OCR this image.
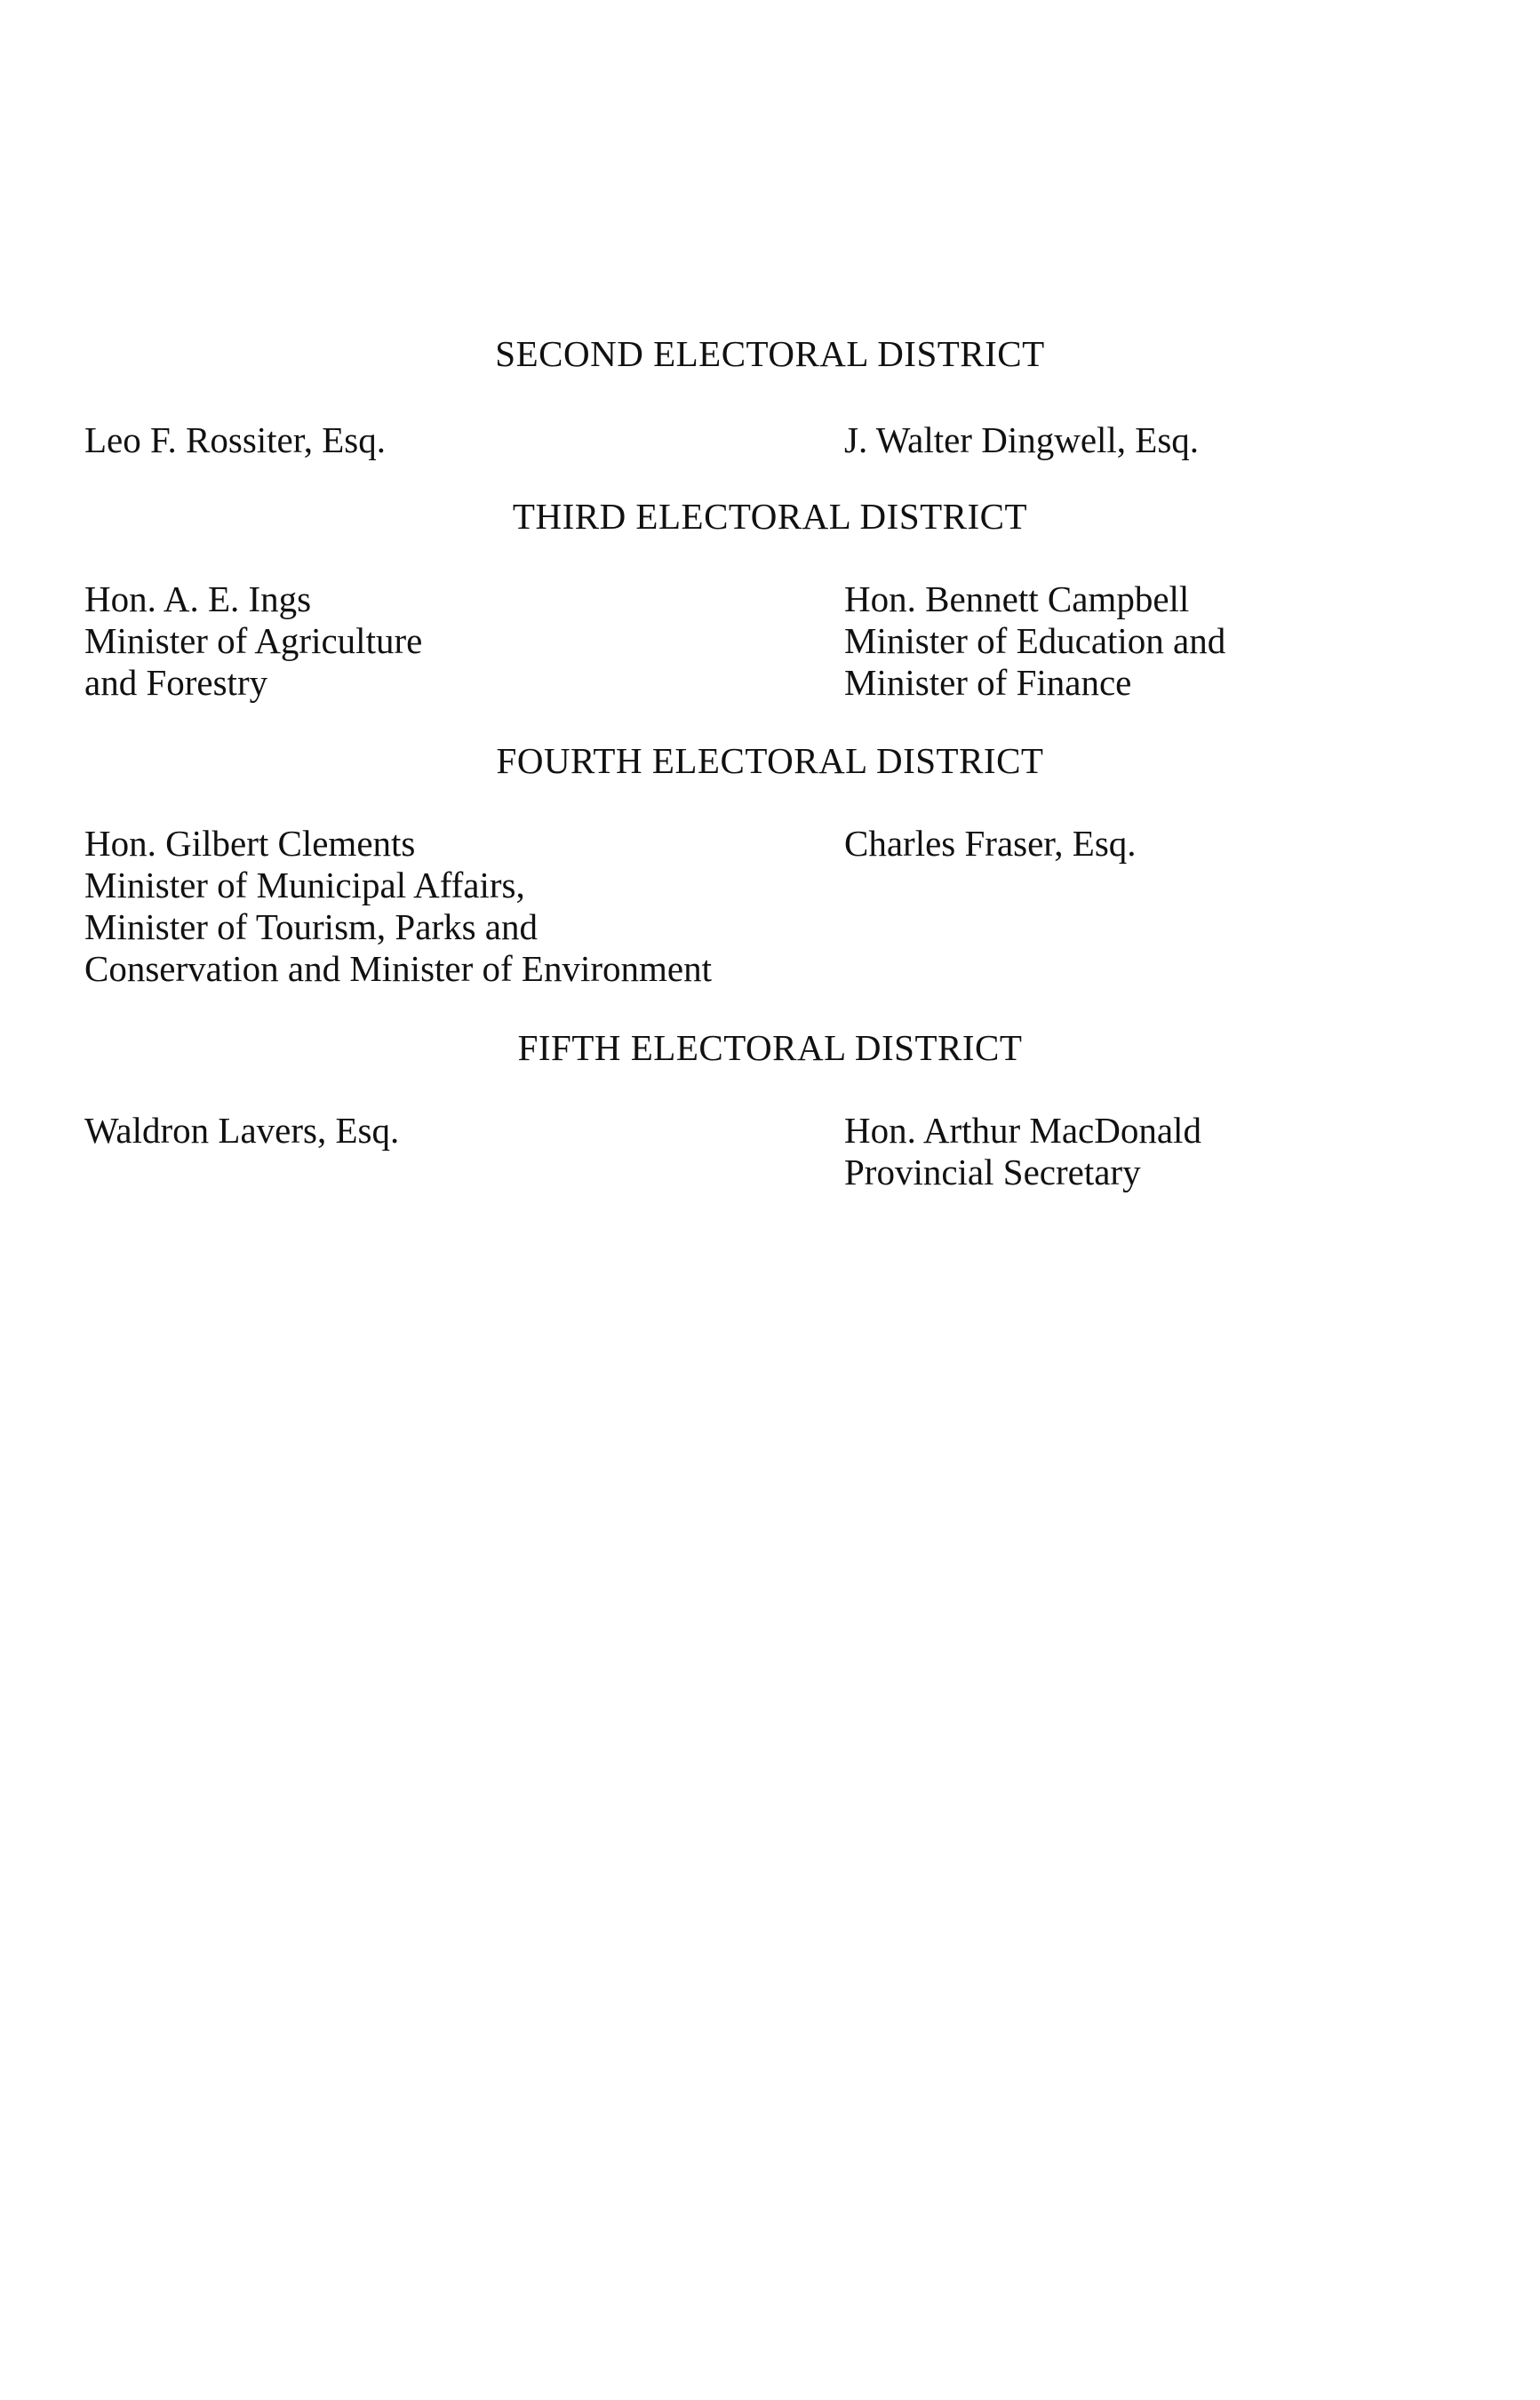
SECOND ELECTORAL DISTRICT
Leo F. Rossiter, Esq.	J. Walter Dingwell, Esq.
THIRD ELECTORAL DISTRICT
Hon. A. E. Ings
Minister of Agriculture
and Forestry
Hon. Bennett Campbell
Minister of Education and
Minister of Finance
FOURTH ELECTORAL DISTRICT
Hon. Gilbert Clements
Minister of Municipal Affairs,
Minister of Tourism, Parks and
Conservation and Minister of Environment
Charles Fraser, Esq.
FIFTH ELECTORAL DISTRICT
Waldron Lavers, Esq.	Hon. Arthur MacDonald
Provincial Secretary
